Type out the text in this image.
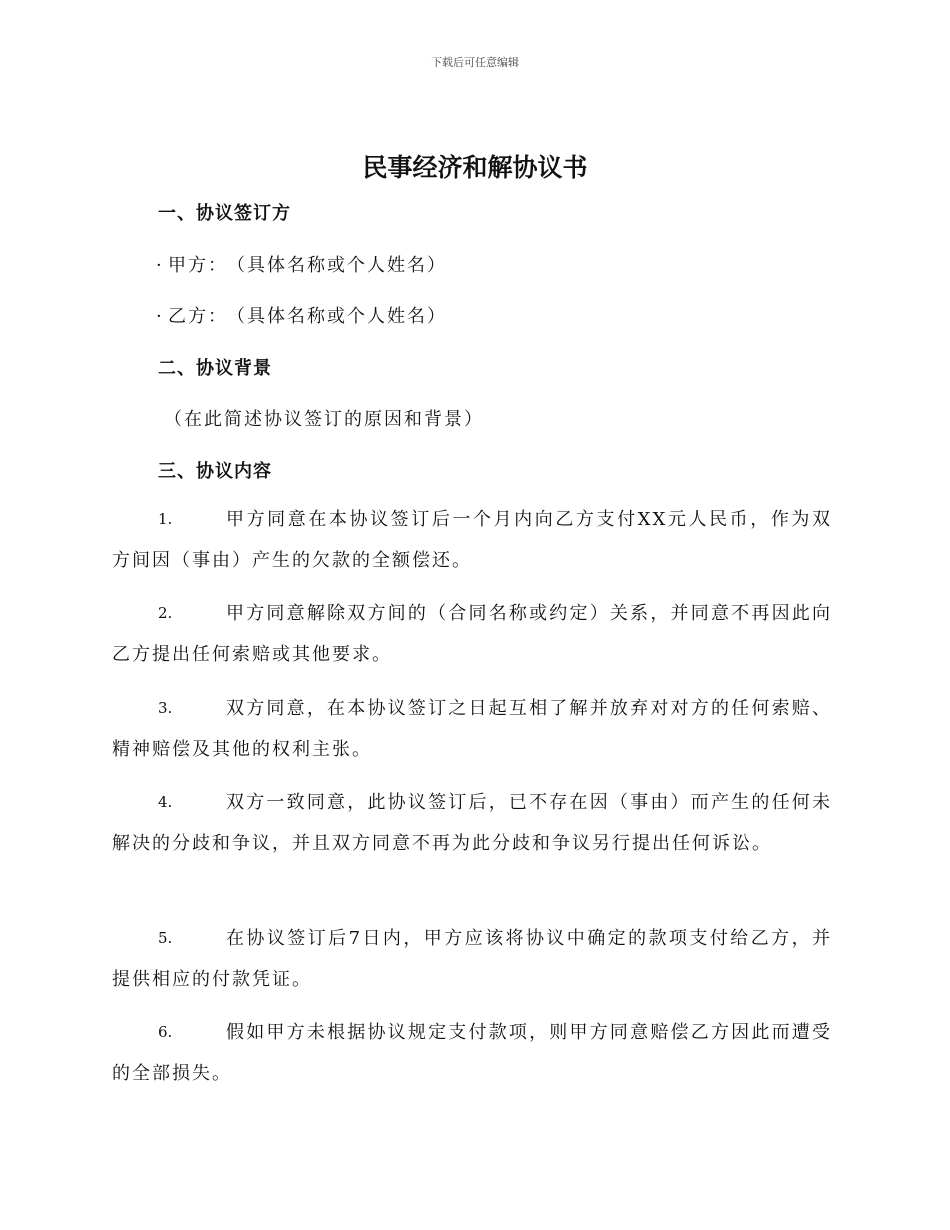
下载后可任意编辑
民事经济和解协议书
一、协议签订方
· 甲方： （具体名称或个人姓名）
· 乙方： （具体名称或个人姓名）
二、协议背景
（在此简述协议签订的原因和背景）
三、协议内容
甲方同意在本协议签订后一个月内向乙方支付XX元人民币，作为双方间因（事由）产生的欠款的全额偿还。
1.
甲方同意解除双方间的（合同名称或约定）关系，并同意不再因此向乙方提出任何索赔或其他要求。
2.
双方同意，在本协议签订之日起互相了解并放弃对对方的任何索赔、精神赔偿及其他的权利主张。
3.
双方一致同意，此协议签订后，已不存在因（事由）而产生的任何未解决的分歧和争议，并且双方同意不再为此分歧和争议另行提出任何诉讼。
4.
在协议签订后7日内，甲方应该将协议中确定的款项支付给乙方，并提供相应的付款凭证。
5.
假如甲方未根据协议规定支付款项，则甲方同意赔偿乙方因此而遭受的全部损失。
6.
